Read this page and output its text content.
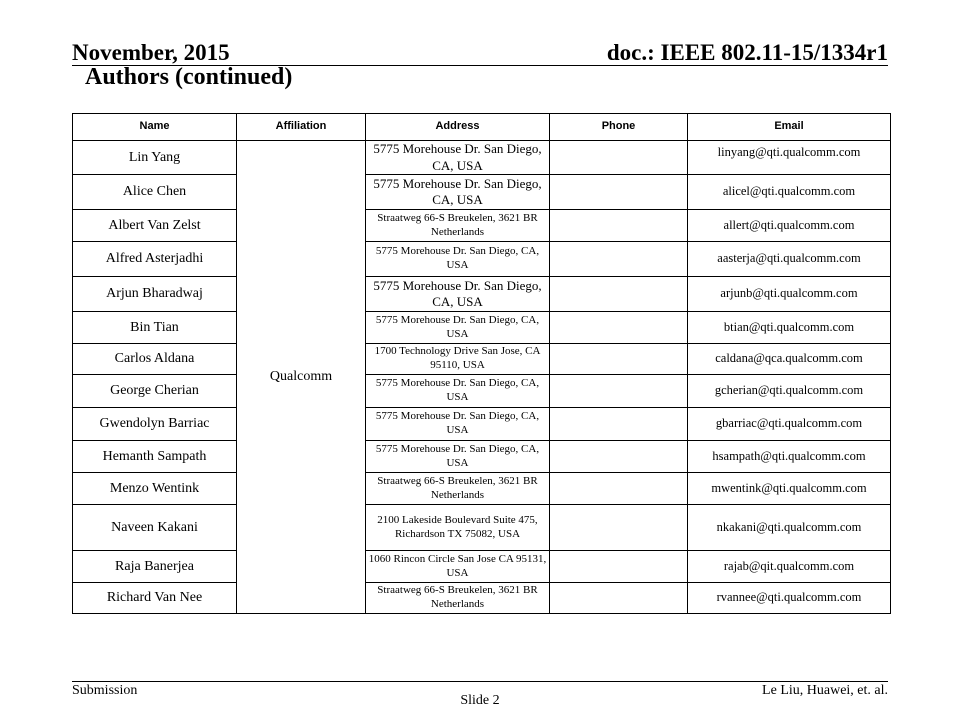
November, 2015	doc.: IEEE 802.11-15/1334r1
Authors (continued)
Name	Affiliation	Address	Phone	Email
Lin Yang	Qualcomm	5775 Morehouse Dr. San Diego, CA, USA		linyang@qti.qualcomm.com
Alice Chen		5775 Morehouse Dr. San Diego, CA, USA		alicel@qti.qualcomm.com
Albert Van Zelst		Straatweg 66-S Breukelen, 3621 BR Netherlands		allert@qti.qualcomm.com
Alfred Asterjadhi		5775 Morehouse Dr. San Diego, CA, USA		aasterja@qti.qualcomm.com
Arjun Bharadwaj		5775 Morehouse Dr. San Diego, CA, USA		arjunb@qti.qualcomm.com
Bin Tian		5775 Morehouse Dr. San Diego, CA, USA		btian@qti.qualcomm.com
Carlos Aldana		1700 Technology Drive San Jose, CA 95110, USA		caldana@qca.qualcomm.com
George Cherian		5775 Morehouse Dr. San Diego, CA, USA		gcherian@qti.qualcomm.com
Gwendolyn Barriac		5775 Morehouse Dr. San Diego, CA, USA		gbarriac@qti.qualcomm.com
Hemanth Sampath		5775 Morehouse Dr. San Diego, CA, USA		hsampath@qti.qualcomm.com
Menzo Wentink		Straatweg 66-S Breukelen, 3621 BR Netherlands		mwentink@qti.qualcomm.com
Naveen Kakani		2100 Lakeside Boulevard Suite 475, Richardson TX 75082, USA		nkakani@qti.qualcomm.com
Raja Banerjea		1060 Rincon Circle San Jose CA 95131, USA		rajab@qit.qualcomm.com
Richard Van Nee		Straatweg 66-S Breukelen, 3621 BR Netherlands		rvannee@qti.qualcomm.com
Submission
Slide 2
Le Liu, Huawei, et. al.
